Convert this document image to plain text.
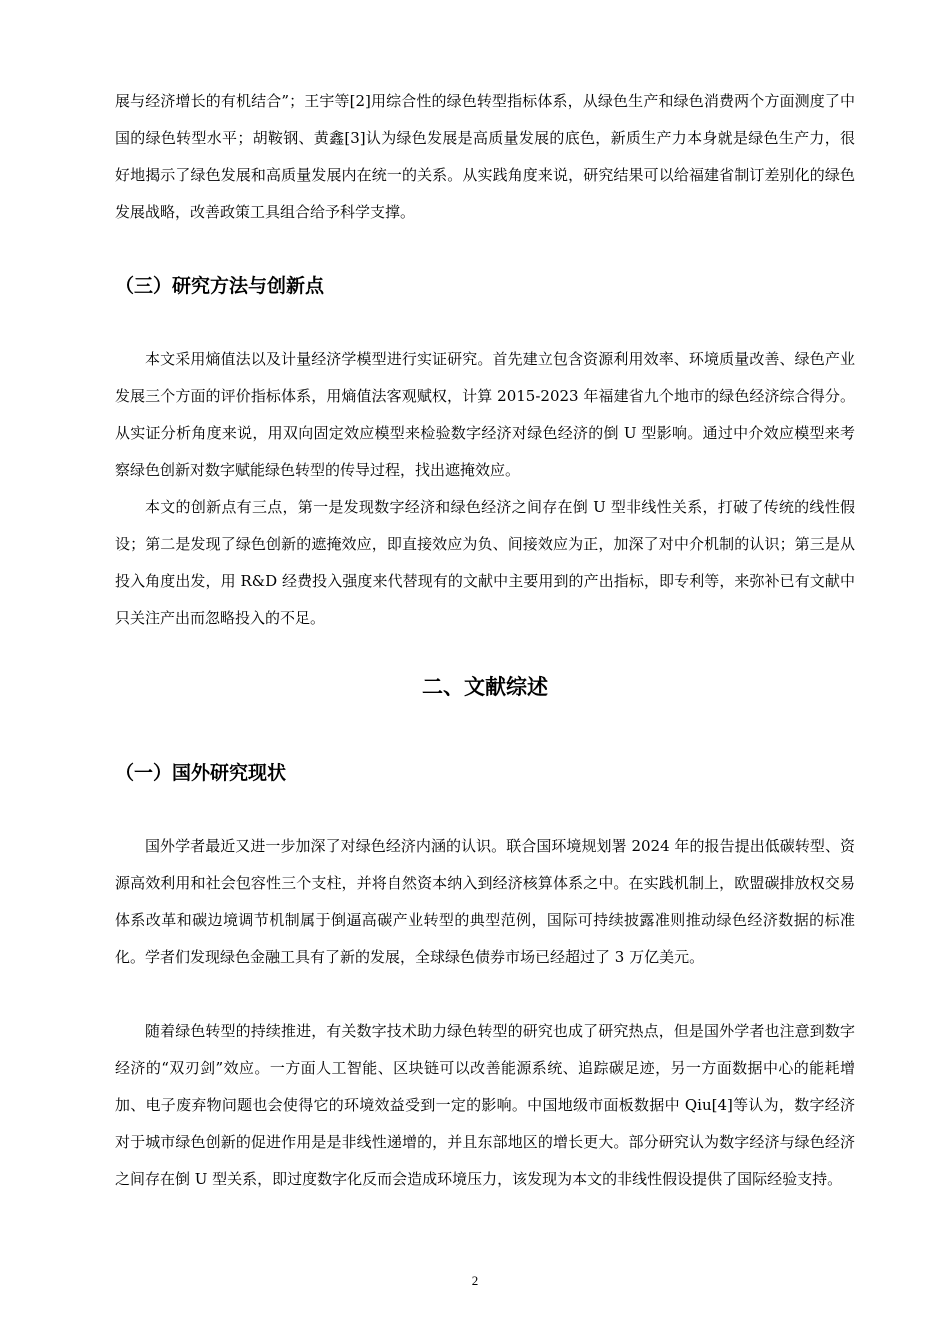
展与经济增长的有机结合”；王宇等[2]用综合性的绿色转型指标体系，从绿色生产和绿色消费两个方面测度了中国的绿色转型水平；胡鞍钢、黄鑫[3]认为绿色发展是高质量发展的底色，新质生产力本身就是绿色生产力，很好地揭示了绿色发展和高质量发展内在统一的关系。从实践角度来说，研究结果可以给福建省制订差别化的绿色发展战略，改善政策工具组合给予科学支撑。

（三）研究方法与创新点

本文采用熵值法以及计量经济学模型进行实证研究。首先建立包含资源利用效率、环境质量改善、绿色产业发展三个方面的评价指标体系，用熵值法客观赋权，计算 2015-2023 年福建省九个地市的绿色经济综合得分。从实证分析角度来说，用双向固定效应模型来检验数字经济对绿色经济的倒 U 型影响。通过中介效应模型来考察绿色创新对数字赋能绿色转型的传导过程，找出遮掩效应。

本文的创新点有三点，第一是发现数字经济和绿色经济之间存在倒 U 型非线性关系，打破了传统的线性假设；第二是发现了绿色创新的遮掩效应，即直接效应为负、间接效应为正，加深了对中介机制的认识；第三是从投入角度出发，用 R&D 经费投入强度来代替现有的文献中主要用到的产出指标，即专利等，来弥补已有文献中只关注产出而忽略投入的不足。

二、文献综述
（一）国外研究现状

国外学者最近又进一步加深了对绿色经济内涵的认识。联合国环境规划署 2024 年的报告提出低碳转型、资源高效利用和社会包容性三个支柱，并将自然资本纳入到经济核算体系之中。在实践机制上，欧盟碳排放权交易体系改革和碳边境调节机制属于倒逼高碳产业转型的典型范例，国际可持续披露准则推动绿色经济数据的标准化。学者们发现绿色金融工具有了新的发展，全球绿色债券市场已经超过了 3 万亿美元。

随着绿色转型的持续推进，有关数字技术助力绿色转型的研究也成了研究热点，但是国外学者也注意到数字经济的“双刃剑”效应。一方面人工智能、区块链可以改善能源系统、追踪碳足迹，另一方面数据中心的能耗增加、电子废弃物问题也会使得它的环境效益受到一定的影响。中国地级市面板数据中 Qiu[4]等认为，数字经济对于城市绿色创新的促进作用是是非线性递增的，并且东部地区的增长更大。部分研究认为数字经济与绿色经济之间存在倒 U 型关系，即过度数字化反而会造成环境压力，该发现为本文的非线性假设提供了国际经验支持。

2
